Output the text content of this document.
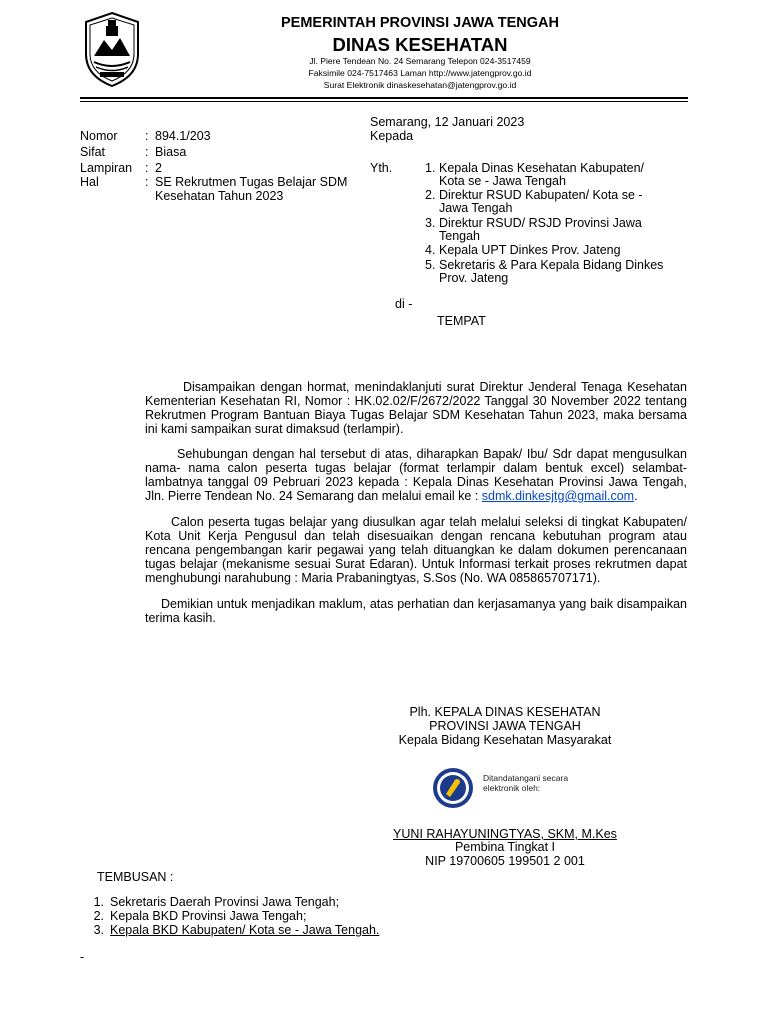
PEMERINTAH PROVINSI JAWA TENGAH
DINAS KESEHATAN
Jl. Piere Tendean No. 24 Semarang Telepon 024-3517459
Faksimile 024-7517463 Laman http://www.jatengprov.go.id
Surat Elektronik dinaskesehatan@jatengprov.go.id
Semarang, 12 Januari 2023
Kepada
Nomor	: 894.1/203
Sifat	: Biasa
Lampiran	: 2
Hal	: SE Rekrutmen Tugas Belajar SDM
Kesehatan Tahun 2023
Yth.	1. Kepala Dinas Kesehatan Kabupaten/
Kota se - Jawa Tengah
2. Direktur RSUD Kabupaten/ Kota se -
Jawa Tengah
3. Direktur RSUD/ RSJD Provinsi Jawa
Tengah
4. Kepala UPT Dinkes Prov. Jateng
5. Sekretaris & Para Kepala Bidang Dinkes
Prov. Jateng
di -
TEMPAT
Disampaikan dengan hormat, menindaklanjuti surat Direktur Jenderal Tenaga Kesehatan Kementerian Kesehatan RI, Nomor : HK.02.02/F/2672/2022 Tanggal 30 November 2022 tentang Rekrutmen Program Bantuan Biaya Tugas Belajar SDM Kesehatan Tahun 2023, maka bersama ini kami sampaikan surat dimaksud (terlampir).
Sehubungan dengan hal tersebut di atas, diharapkan Bapak/ Ibu/ Sdr dapat mengusulkan nama- nama calon peserta tugas belajar (format terlampir dalam bentuk excel) selambat-lambatnya tanggal 09 Pebruari 2023 kepada : Kepala Dinas Kesehatan Provinsi Jawa Tengah, Jln. Pierre Tendean No. 24 Semarang dan melalui email ke : sdmk.dinkesjtg@gmail.com.
Calon peserta tugas belajar yang diusulkan agar telah melalui seleksi di tingkat Kabupaten/ Kota Unit Kerja Pengusul dan telah disesuaikan dengan rencana kebutuhan program atau rencana pengembangan karir pegawai yang telah dituangkan ke dalam dokumen perencanaan tugas belajar (mekanisme sesuai Surat Edaran). Untuk Informasi terkait proses rekrutmen dapat menghubungi narahubung : Maria Prabaningtyas, S.Sos (No. WA 085865707171).
Demikian untuk menjadikan maklum, atas perhatian dan kerjasamanya yang baik disampaikan terima kasih.
Plh. KEPALA DINAS KESEHATAN
PROVINSI JAWA TENGAH
Kepala Bidang Kesehatan Masyarakat
Ditandatangani secara
elektronik oleh:
YUNI RAHAYUNINGTYAS, SKM, M.Kes
Pembina Tingkat I
NIP 19700605 199501 2 001
TEMBUSAN :
1. Sekretaris Daerah Provinsi Jawa Tengah;
2. Kepala BKD Provinsi Jawa Tengah;
3. Kepala BKD Kabupaten/ Kota se - Jawa Tengah.
-
